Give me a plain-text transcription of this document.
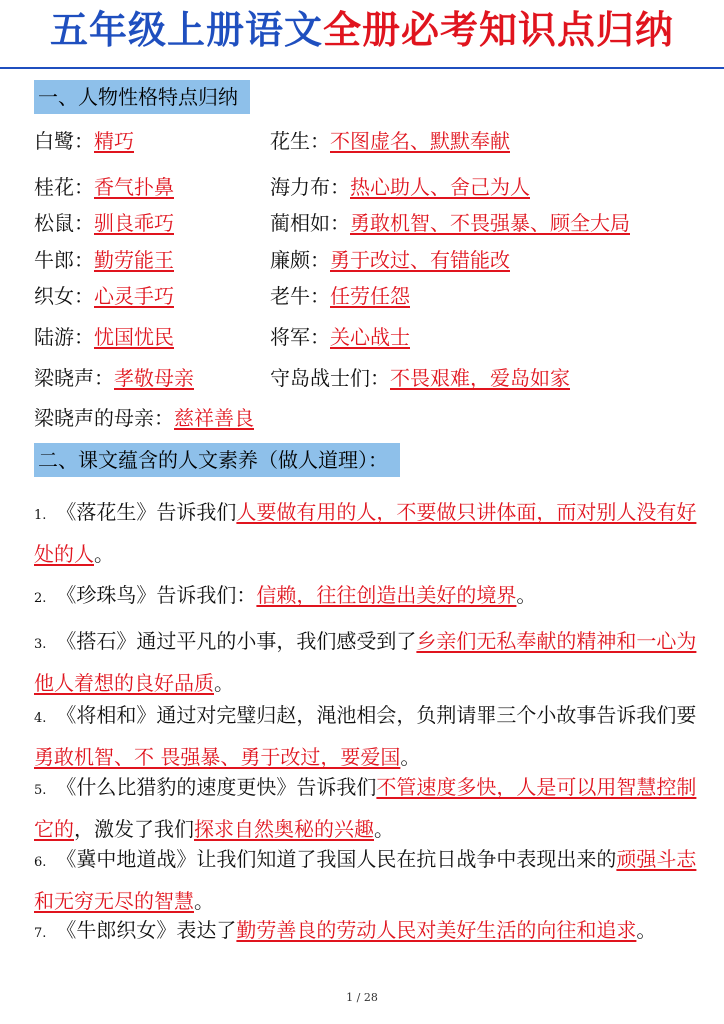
五年级上册语文全册必考知识点归纳
一、人物性格特点归纳
白鹭：精巧
桂花：香气扑鼻
松鼠：驯良乖巧
牛郎：勤劳能王
织女：心灵手巧
陆游：忧国忧民
梁晓声：孝敬母亲
梁晓声的母亲：慈祥善良
花生：不图虚名、默默奉献
海力布：热心助人、舍己为人
蔺相如：勇敢机智、不畏强暴、顾全大局
廉颇：勇于改过、有错能改
老牛：任劳任怨
将军：关心战士
守岛战士们：不畏艰难，爱岛如家
二、课文蕴含的人文素养（做人道理）：
1. 《落花生》告诉我们人要做有用的人，不要做只讲体面，而对别人没有好处的人。
2. 《珍珠鸟》告诉我们：信赖，往往创造出美好的境界。
3. 《搭石》通过平凡的小事，我们感受到了乡亲们无私奉献的精神和一心为他人着想的良好品质。
4. 《将相和》通过对完璧归赵，渑池相会，负荆请罪三个小故事告诉我们要勇敢机智、不 畏强暴、勇于改过，要爱国。
5. 《什么比猎豹的速度更快》告诉我们不管速度多快，人是可以用智慧控制它的，激发了我们探求自然奥秘的兴趣。
6. 《冀中地道战》让我们知道了我国人民在抗日战争中表现出来的顽强斗志和无穷无尽的智慧。
7. 《牛郎织女》表达了勤劳善良的劳动人民对美好生活的向往和追求。
1 / 28
